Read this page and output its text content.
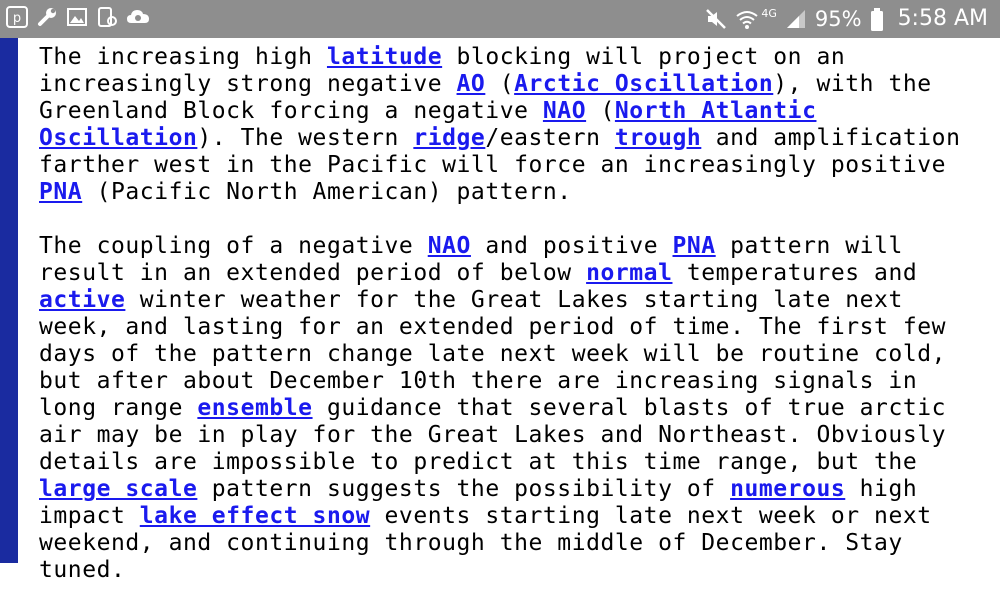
p	4G 95% 5:58 AM

The increasing high latitude blocking will project on an increasingly strong negative AO (Arctic Oscillation), with the Greenland Block forcing a negative NAO (North Atlantic Oscillation). The western ridge/eastern trough and amplification farther west in the Pacific will force an increasingly positive PNA (Pacific North American) pattern.

The coupling of a negative NAO and positive PNA pattern will result in an extended period of below normal temperatures and active winter weather for the Great Lakes starting late next week, and lasting for an extended period of time. The first few days of the pattern change late next week will be routine cold, but after about December 10th there are increasing signals in long range ensemble guidance that several blasts of true arctic air may be in play for the Great Lakes and Northeast. Obviously details are impossible to predict at this time range, but the large scale pattern suggests the possibility of numerous high impact lake effect snow events starting late next week or next weekend, and continuing through the middle of December. Stay tuned.
